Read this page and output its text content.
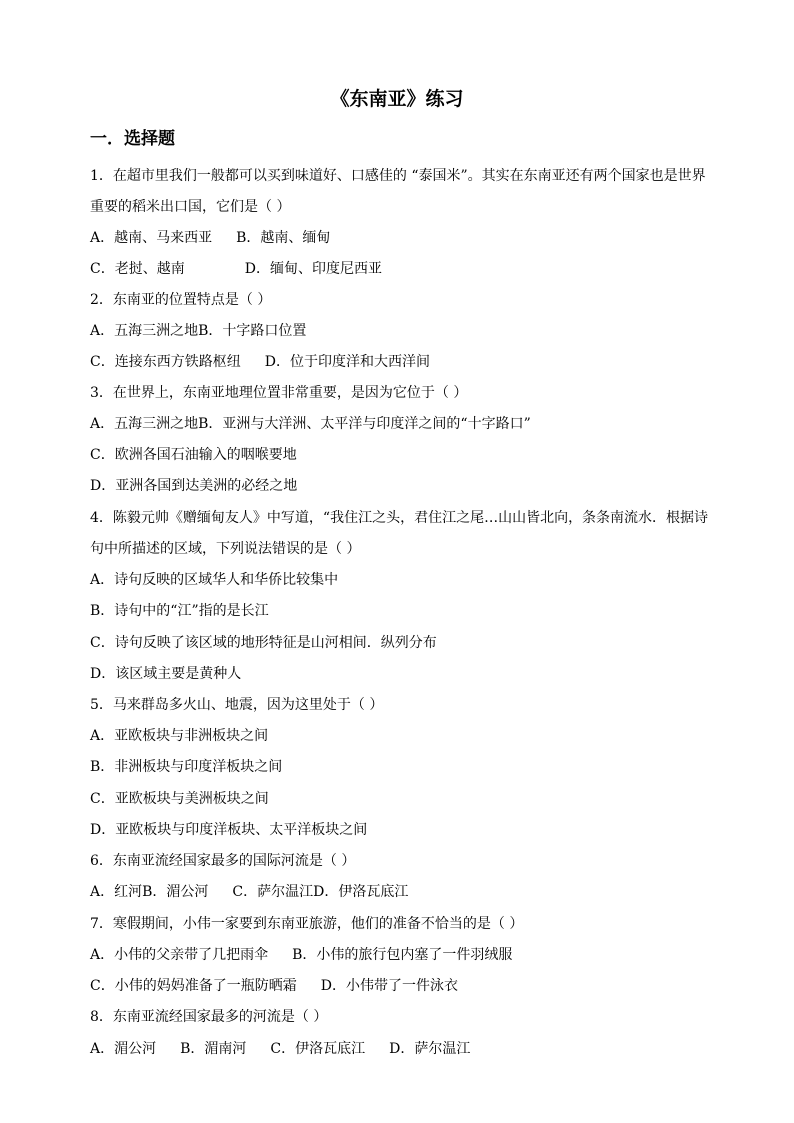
《东南亚》练习
一．选择题
1．在超市里我们一般都可以买到味道好、口感佳的 “泰国米”。其实在东南亚还有两个国家也是世界
重要的稻米出口国，它们是（ ）
A．越南、马来西亚 B．越南、缅甸
C．老挝、越南	D．缅甸、印度尼西亚
2．东南亚的位置特点是（ ）
A．五海三洲之地B．十字路口位置
C．连接东西方铁路枢纽 D．位于印度洋和大西洋间
3．在世界上，东南亚地理位置非常重要，是因为它位于（ ）
A．五海三洲之地B．亚洲与大洋洲、太平洋与印度洋之间的“十字路口”
C．欧洲各国石油输入的咽喉要地
D．亚洲各国到达美洲的必经之地
4．陈毅元帅《赠缅甸友人》中写道，“我住江之头，君住江之尾…山山皆北向，条条南流水．根据诗
句中所描述的区域，下列说法错误的是（ ）
A．诗句反映的区域华人和华侨比较集中
B．诗句中的“江”指的是长江
C．诗句反映了该区域的地形特征是山河相间．纵列分布
D．该区域主要是黄种人
5．马来群岛多火山、地震，因为这里处于（ ）
A．亚欧板块与非洲板块之间
B．非洲板块与印度洋板块之间
C．亚欧板块与美洲板块之间
D．亚欧板块与印度洋板块、太平洋板块之间
6．东南亚流经国家最多的国际河流是（ ）
A．红河B．湄公河 C．萨尔温江D．伊洛瓦底江
7．寒假期间，小伟一家要到东南亚旅游，他们的准备不恰当的是（ ）
A．小伟的父亲带了几把雨伞 B．小伟的旅行包内塞了一件羽绒服
C．小伟的妈妈准备了一瓶防晒霜 D．小伟带了一件泳衣
8．东南亚流经国家最多的河流是（ ）
A．湄公河 B．湄南河 C．伊洛瓦底江 D．萨尔温江
